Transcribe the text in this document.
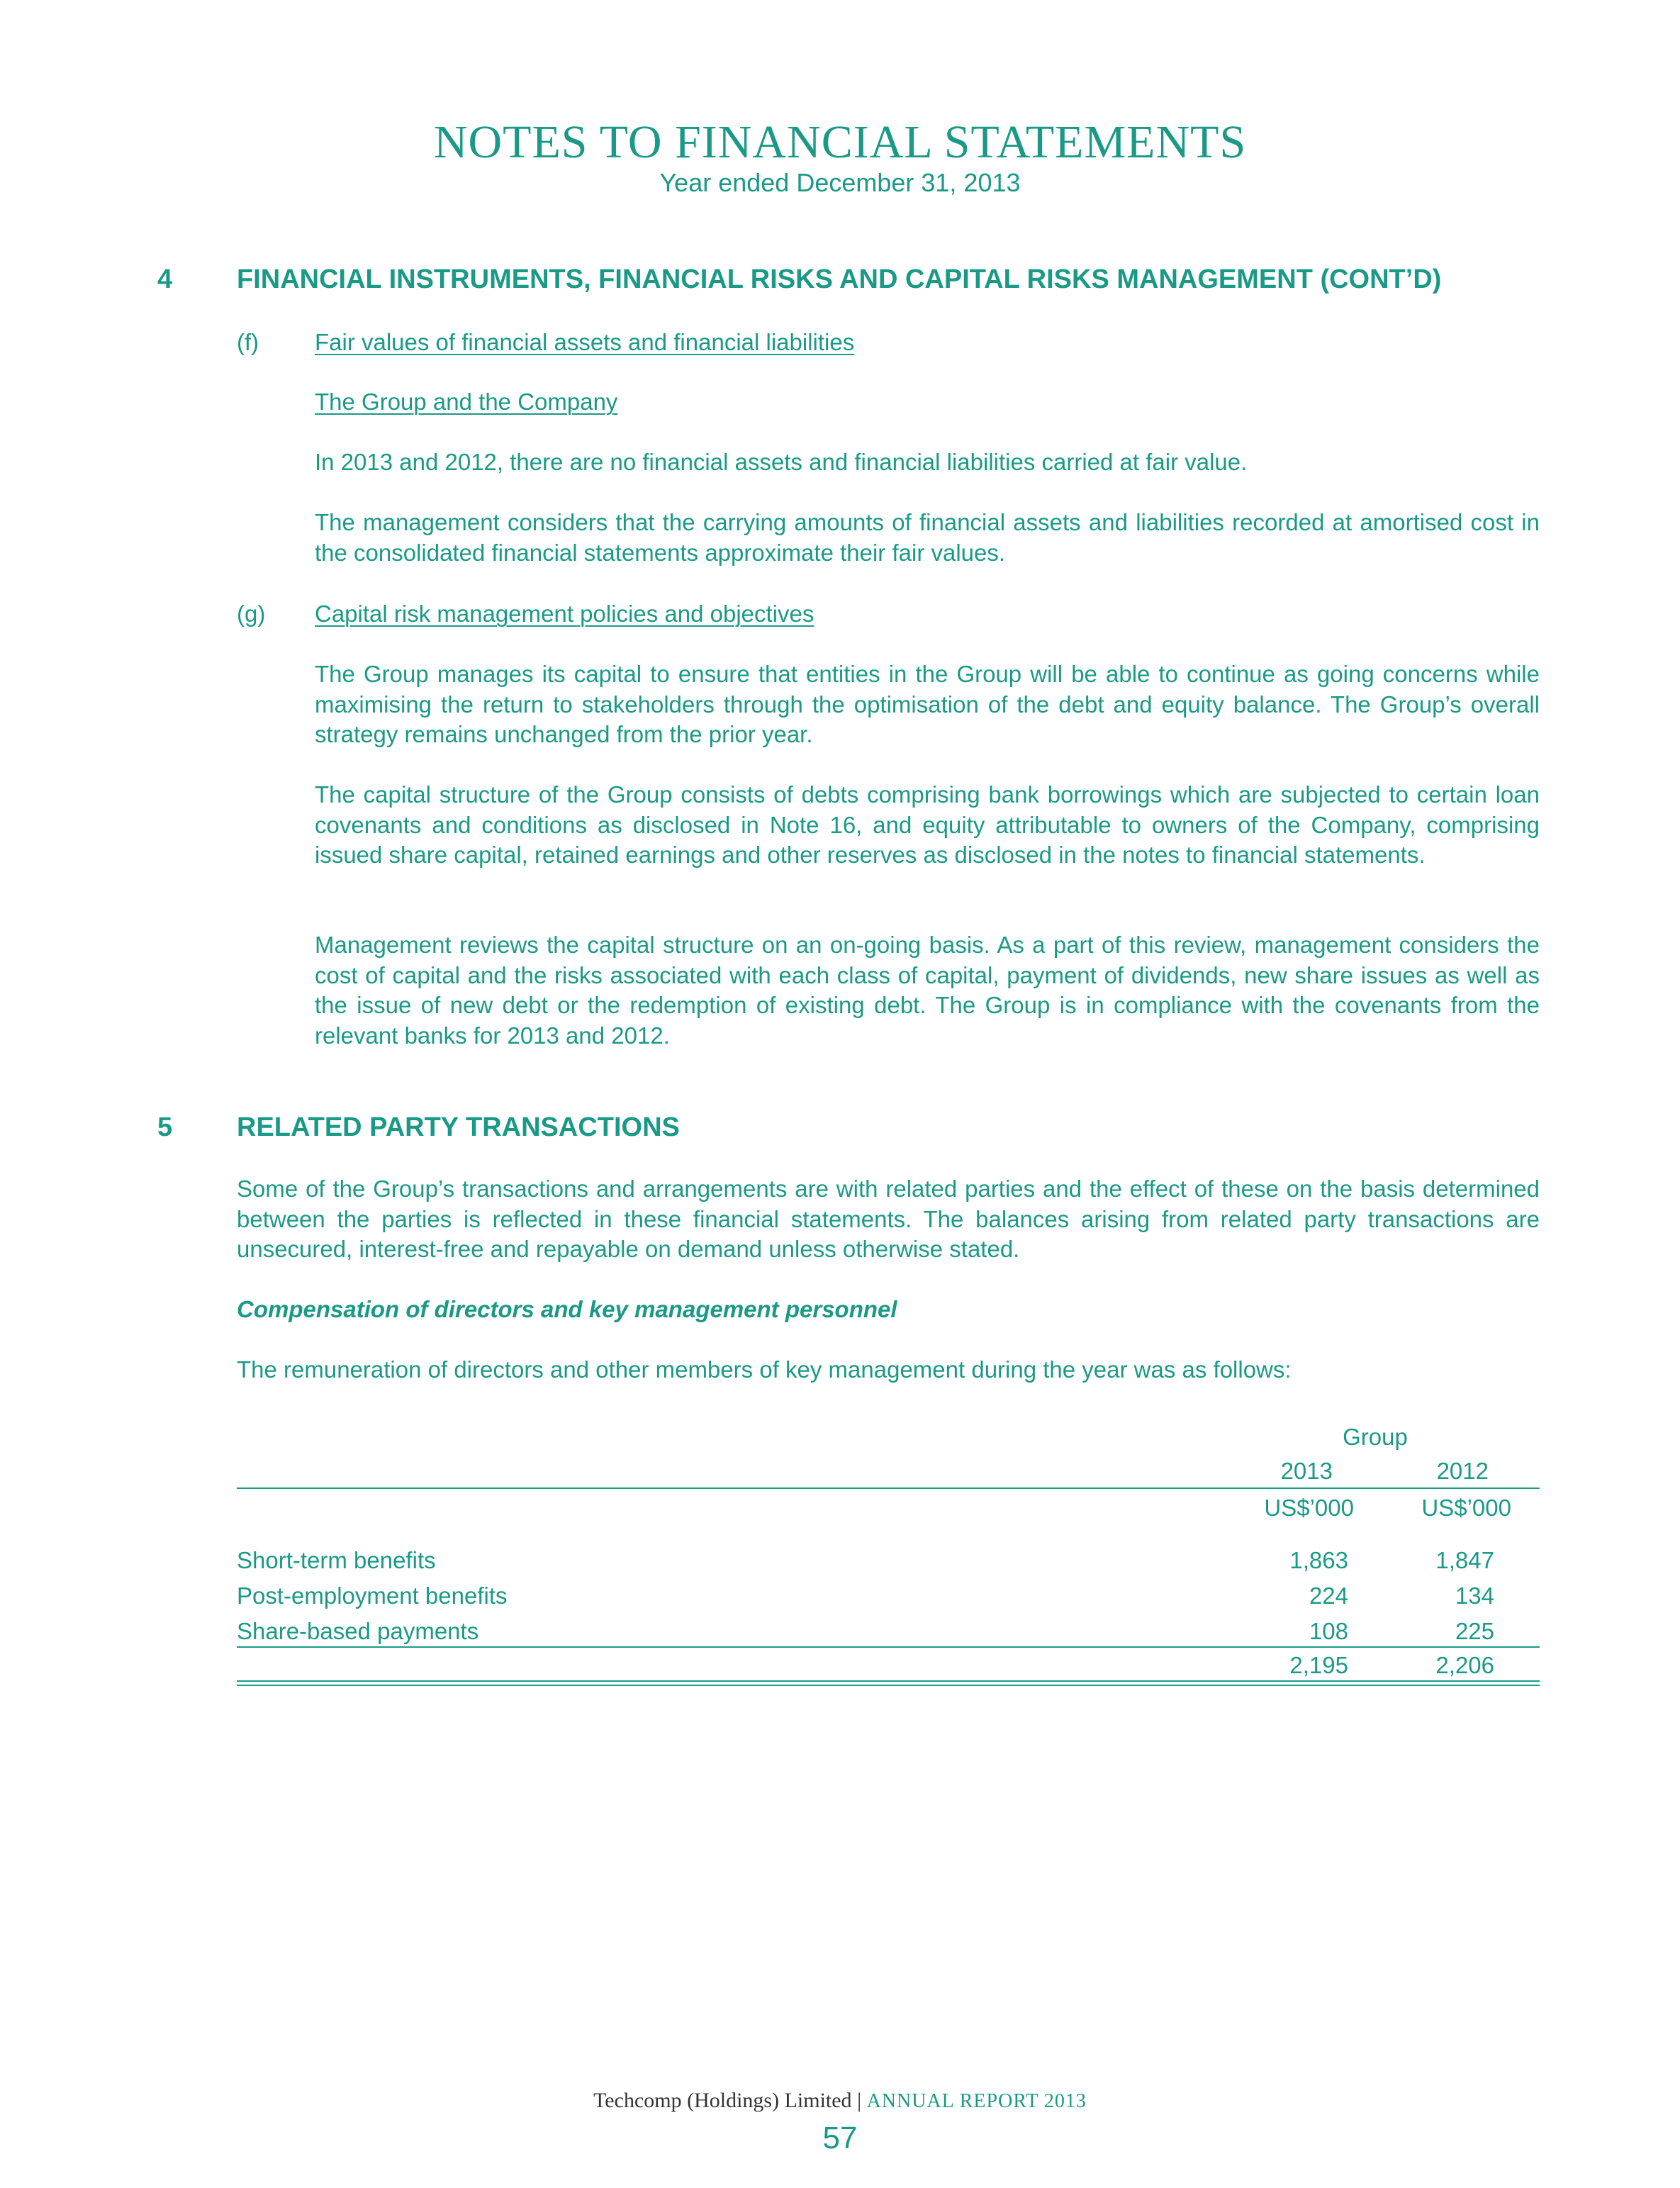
NOTES TO FINANCIAL STATEMENTS
Year ended December 31, 2013
4 FINANCIAL INSTRUMENTS, FINANCIAL RISKS AND CAPITAL RISKS MANAGEMENT (CONT’D)
(f) Fair values of financial assets and financial liabilities
The Group and the Company
In 2013 and 2012, there are no financial assets and financial liabilities carried at fair value.
The management considers that the carrying amounts of financial assets and liabilities recorded at amortised cost in the consolidated financial statements approximate their fair values.
(g) Capital risk management policies and objectives
The Group manages its capital to ensure that entities in the Group will be able to continue as going concerns while maximising the return to stakeholders through the optimisation of the debt and equity balance. The Group’s overall strategy remains unchanged from the prior year.
The capital structure of the Group consists of debts comprising bank borrowings which are subjected to certain loan covenants and conditions as disclosed in Note 16, and equity attributable to owners of the Company, comprising issued share capital, retained earnings and other reserves as disclosed in the notes to financial statements.
Management reviews the capital structure on an on-going basis. As a part of this review, management considers the cost of capital and the risks associated with each class of capital, payment of dividends, new share issues as well as the issue of new debt or the redemption of existing debt. The Group is in compliance with the covenants from the relevant banks for 2013 and 2012.
5 RELATED PARTY TRANSACTIONS
Some of the Group’s transactions and arrangements are with related parties and the effect of these on the basis determined between the parties is reflected in these financial statements. The balances arising from related party transactions are unsecured, interest-free and repayable on demand unless otherwise stated.
Compensation of directors and key management personnel
The remuneration of directors and other members of key management during the year was as follows:
Group
2013	2012
US$’000	US$’000
Short-term benefits	1,863	1,847
Post-employment benefits	224	134
Share-based payments	108	225
2,195	2,206
Techcomp (Holdings) Limited | ANNUAL REPORT 2013
57
